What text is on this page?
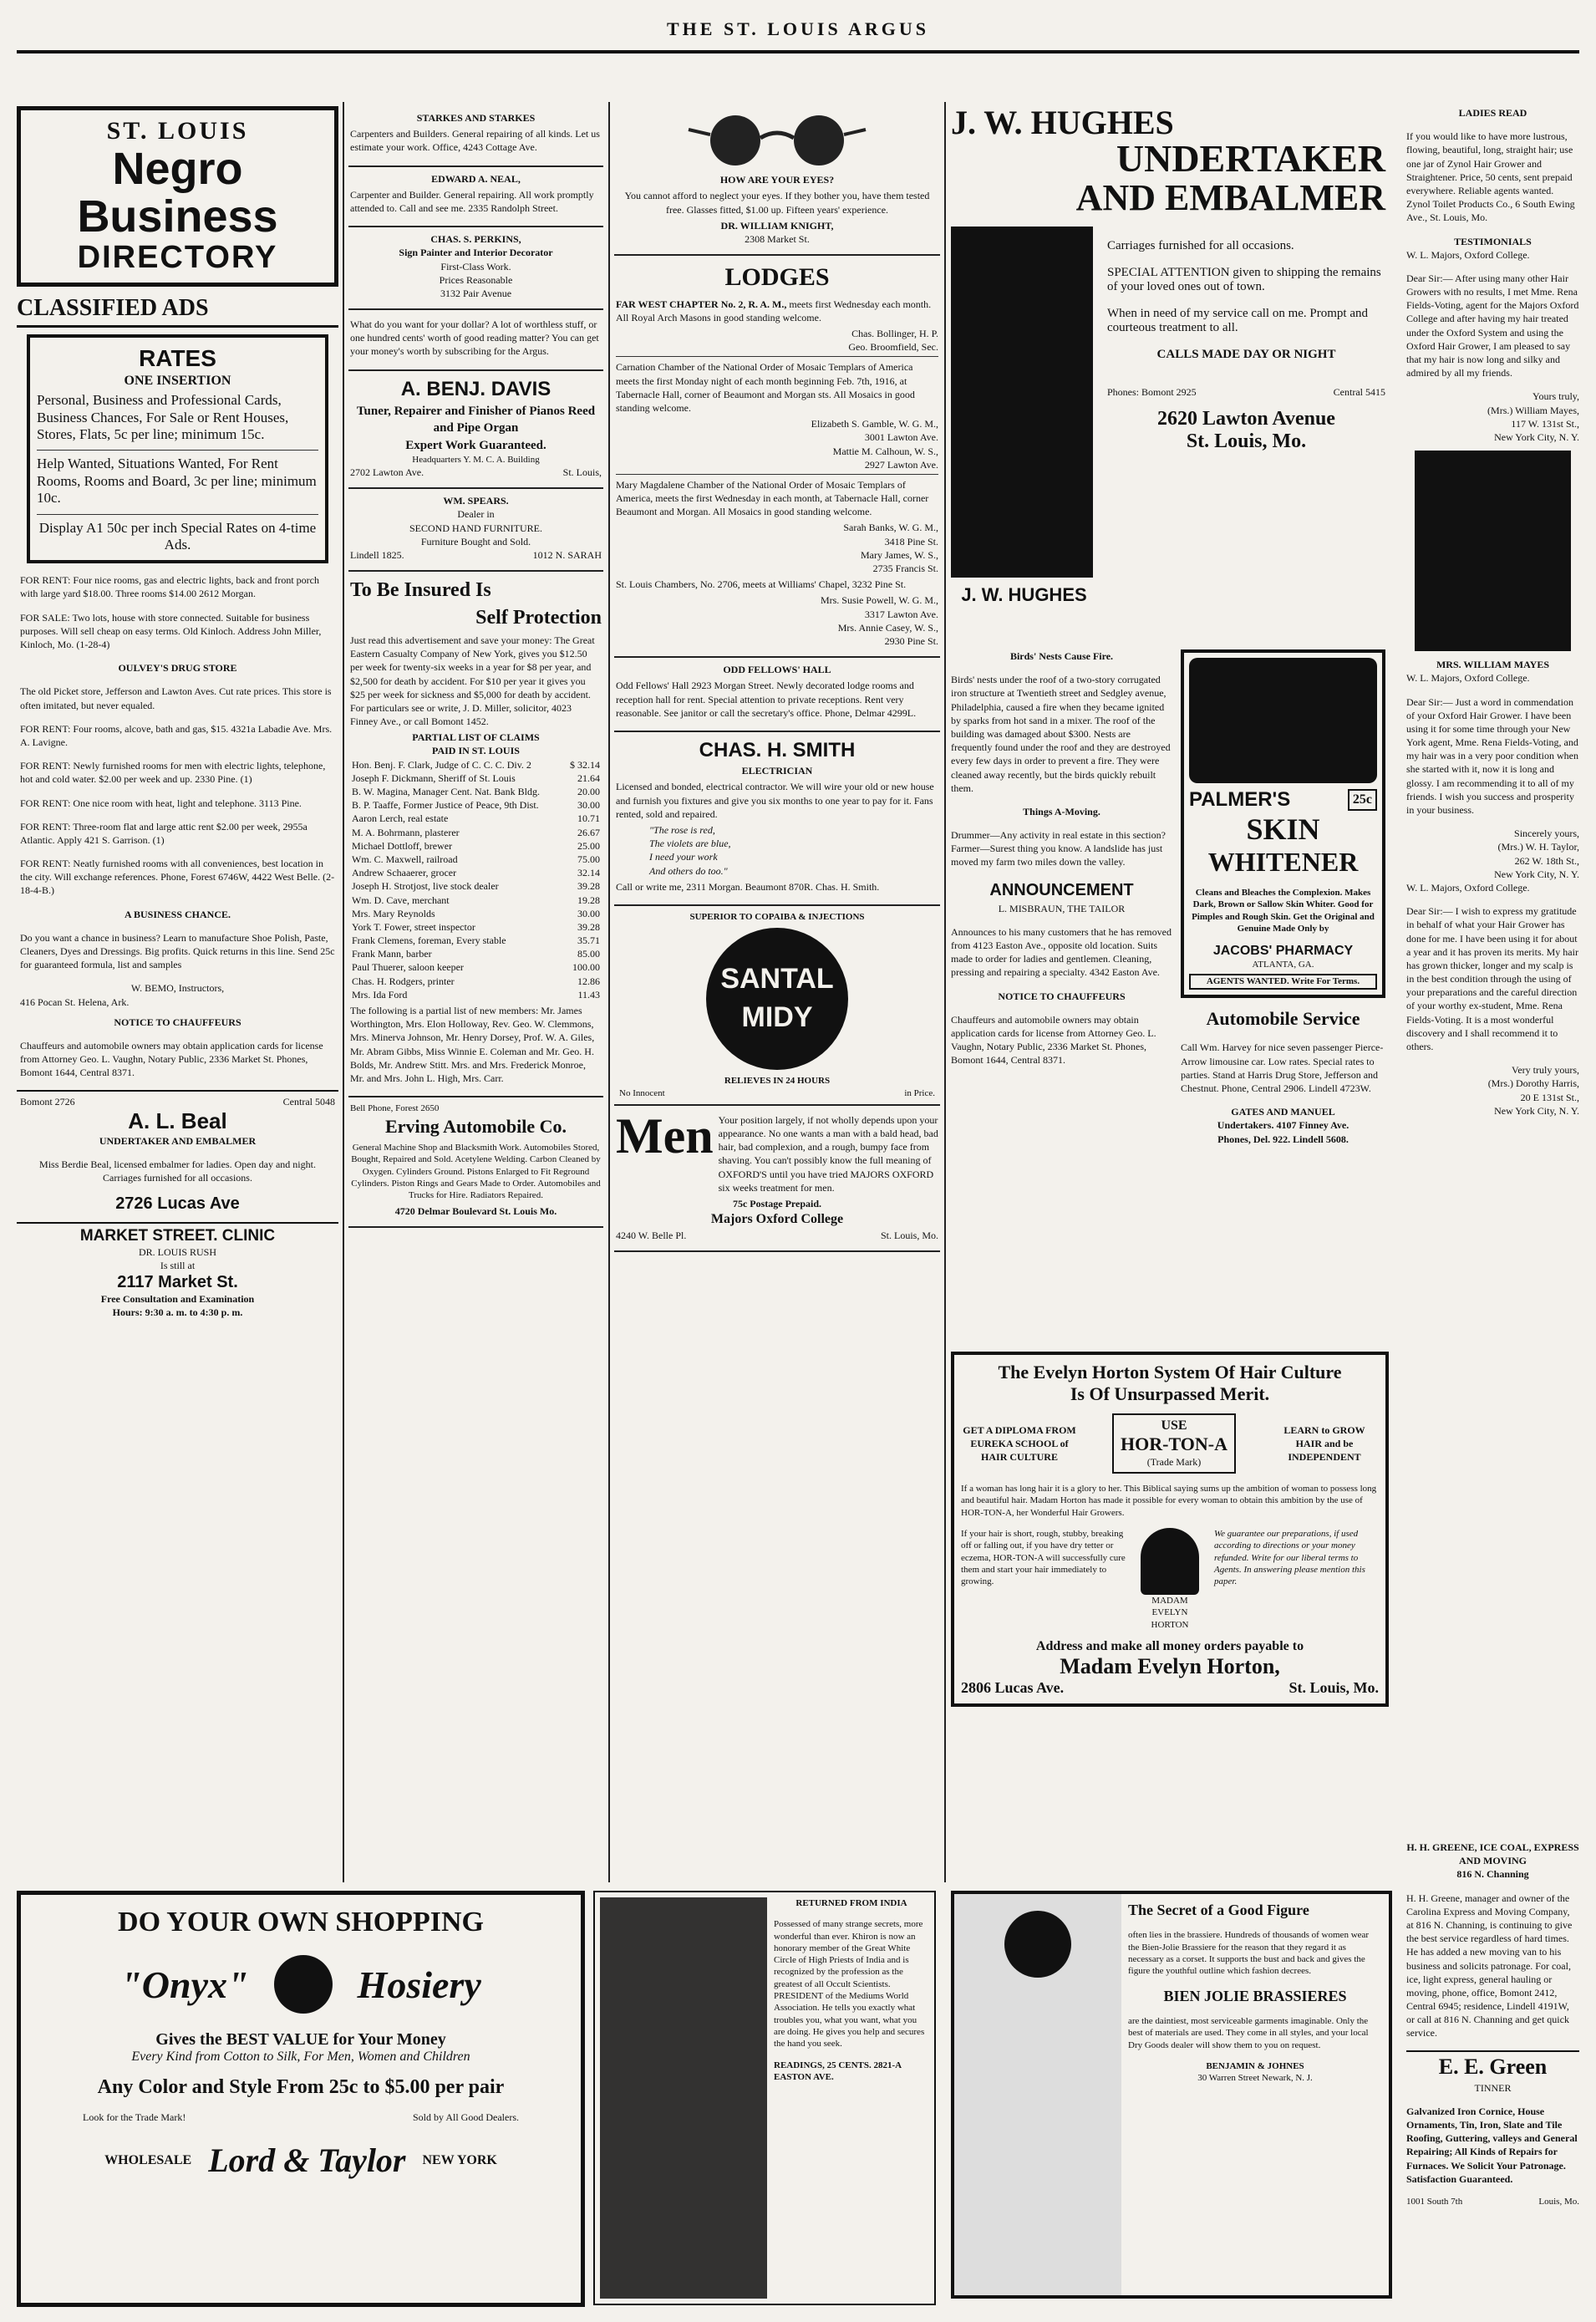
THE ST. LOUIS ARGUS
ST. LOUIS
Negro Business
DIRECTORY
CLASSIFIED ADS
RATES
ONE INSERTION

Personal, Business and Professional Cards, Business Chances, For Sale or Rent Houses, Stores, Flats, 5c per line; minimum 15c.

Help Wanted, Situations Wanted, For Rent Rooms, Rooms and Board, 3c per line; minimum 10c.

Display A1 50c per inch Special Rates on 4-time Ads.

FOR RENT: Four nice rooms, gas and electric lights, back and front porch with large yard $18.00. Three rooms $14.00 2612 Morgan.

FOR SALE: Two lots, house with store connected. Suitable for business purposes. Will sell cheap on easy terms. Old Kinloch. Address John Miller, Kinloch, Mo. (1-28-4)

OULVEY'S DRUG STORE

The old Picket store, Jefferson and Lawton Aves. Cut rate prices. This store is often imitated, but never equaled.

FOR RENT: Four rooms, alcove, bath and gas, $15. 4321a Labadie Ave. Mrs. A. Lavigne.

FOR RENT: Newly furnished rooms for men with electric lights, telephone, hot and cold water. $2.00 per week and up. 2330 Pine. (1)

FOR RENT: One nice room with heat, light and telephone. 3113 Pine.

FOR RENT: Three-room flat and large attic rent $2.00 per week, 2955a Atlantic. Apply 421 S. Garrison. (1)

FOR RENT: Neatly furnished rooms with all conveniences, best location in the city. Will exchange references. Phone, Forest 6746W, 4422 West Belle. (2-18-4-B.)

A BUSINESS CHANCE.

Do you want a chance in business? Learn to manufacture Shoe Polish, Paste, Cleaners, Dyes and Dressings. Big profits. Quick returns in this line. Send 25c for guaranteed formula, list and samples

W. BEMO, Instructors,
416 Pocan St. Helena, Ark.
NOTICE TO CHAUFFEURS

Chauffeurs and automobile owners may obtain application cards for license from Attorney Geo. L. Vaughn, Notary Public, 2336 Market St. Phones, Bomont 1644, Central 8371.

Bomont 2726	Central 5048
A. L. Beal
UNDERTAKER AND EMBALMER

Miss Berdie Beal, licensed embalmer for ladies. Open day and night. Carriages furnished for all occasions.

2726 Lucas Ave
MARKET STREET. CLINIC
DR. LOUIS RUSH
Is still at
2117 Market St.
Free Consultation and Examination
Hours: 9:30 a. m. to 4:30 p. m.
STARKES AND STARKES

Carpenters and Builders. General repairing of all kinds. Let us estimate your work. Office, 4243 Cottage Ave.

EDWARD A. NEAL,

Carpenter and Builder. General repairing. All work promptly attended to. Call and see me. 2335 Randolph Street.

CHAS. S. PERKINS,
Sign Painter and Interior Decorator
First-Class Work.
Prices Reasonable
3132 Pair Avenue

What do you want for your dollar? A lot of worthless stuff, or one hundred cents' worth of good reading matter? You can get your money's worth by subscribing for the Argus.

A. BENJ. DAVIS
Tuner, Repairer and Finisher of Pianos Reed and Pipe Organ
Expert Work Guaranteed.
Headquarters Y. M. C. A. Building
2702 Lawton Ave.	St. Louis,
WM. SPEARS.
Dealer in
SECOND HAND FURNITURE.
Furniture Bought and Sold.
Lindell 1825.	1012 N. SARAH
To Be Insured Is
Self Protection

Just read this advertisement and save your money: The Great Eastern Casualty Company of New York, gives you $12.50 per week for twenty-six weeks in a year for $8 per year, and $2,500 for death by accident. For $10 per year it gives you $25 per week for sickness and $5,000 for death by accident. For particulars see or write, J. D. Miller, solicitor, 4023 Finney Ave., or call Bomont 1452.

PARTIAL LIST OF CLAIMS
PAID IN ST. LOUIS
Hon. Benj. F. Clark, Judge of C. C. C. Div. 2	$ 32.14
Joseph F. Dickmann, Sheriff of St. Louis	21.64
B. W. Magina, Manager Cent. Nat. Bank Bldg.	20.00
B. P. Taaffe, Former Justice of Peace, 9th Dist.	30.00
Aaron Lerch, real estate	10.71
M. A. Bohrmann, plasterer	26.67
Michael Dottloff, brewer	25.00
Wm. C. Maxwell, railroad	75.00
Andrew Schaaerer, grocer	32.14
Joseph H. Strotjost, live stock dealer	39.28
Wm. D. Cave, merchant	19.28
Mrs. Mary Reynolds	30.00
York T. Fower, street inspector	39.28
Frank Clemens, foreman, Every stable	35.71
Frank Mann, barber	85.00
Paul Thuerer, saloon keeper	100.00
Chas. H. Rodgers, printer	12.86
Mrs. Ida Ford	11.43

The following is a partial list of new members: Mr. James Worthington, Mrs. Elon Holloway, Rev. Geo. W. Clemmons, Mrs. Minerva Johnson, Mr. Henry Dorsey, Prof. W. A. Giles, Mr. Abram Gibbs, Miss Winnie E. Coleman and Mr. Geo. H. Bolds, Mr. Andrew Stitt. Mrs. and Mrs. Frederick Monroe, Mr. and Mrs. John L. High, Mrs. Carr.

Bell Phone, Forest 2650
Erving Automobile Co.

General Machine Shop and Blacksmith Work. Automobiles Stored, Bought, Repaired and Sold. Acetylene Welding. Carbon Cleaned by Oxygen. Cylinders Ground. Pistons Enlarged to Fit Reground Cylinders. Piston Rings and Gears Made to Order. Automobiles and Trucks for Hire. Radiators Repaired.

4720 Delmar Boulevard St. Louis Mo.
HOW ARE YOUR EYES?

You cannot afford to neglect your eyes. If they bother you, have them tested free. Glasses fitted, $1.00 up. Fifteen years' experience.

DR. WILLIAM KNIGHT,
2308 Market St.
LODGES

FAR WEST CHAPTER No. 2, R. A. M., meets first Wednesday each month. All Royal Arch Masons in good standing welcome.

Chas. Bollinger, H. P.
Geo. Broomfield, Sec.

Carnation Chamber of the National Order of Mosaic Templars of America meets the first Monday night of each month beginning Feb. 7th, 1916, at Tabernacle Hall, corner of Beaumont and Morgan sts. All Mosaics in good standing welcome.

Elizabeth S. Gamble, W. G. M.,
3001 Lawton Ave.
Mattie M. Calhoun, W. S.,
2927 Lawton Ave.

Mary Magdalene Chamber of the National Order of Mosaic Templars of America, meets the first Wednesday in each month, at Tabernacle Hall, corner Beaumont and Morgan. All Mosaics in good standing welcome.

Sarah Banks, W. G. M.,
3418 Pine St.
Mary James, W. S.,
2735 Francis St.

St. Louis Chambers, No. 2706, meets at Williams' Chapel, 3232 Pine St.

Mrs. Susie Powell, W. G. M.,
3317 Lawton Ave.
Mrs. Annie Casey, W. S.,
2930 Pine St.
ODD FELLOWS' HALL

Odd Fellows' Hall 2923 Morgan Street. Newly decorated lodge rooms and reception hall for rent. Special attention to private receptions. Rent very reasonable. See janitor or call the secretary's office. Phone, Delmar 4299L.

CHAS. H. SMITH
ELECTRICIAN

Licensed and bonded, electrical contractor. We will wire your old or new house and furnish you fixtures and give you six months to one year to pay for it. Fans rented, sold and repaired.

"The rose is red,
The violets are blue,
I need your work
And others do too."

Call or write me, 2311 Morgan. Beaumont 870R. Chas. H. Smith.

SUPERIOR TO COPAIBA & INJECTIONS
SANTAL
MIDY
RELIEVES IN 24 HOURS
No Innocent	in Price.
Men Your position largely, if not wholly depends upon your appearance. No one wants a man with a bald head, bad hair, bad complexion, and a rough, bumpy face from shaving. You can't possibly know the full meaning of OXFORD'S until you have tried MAJORS OXFORD six weeks treatment for men.

75c Postage Prepaid.
Majors Oxford College
4240 W. Belle Pl.	St. Louis, Mo.
J. W. HUGHES
UNDERTAKER
AND EMBALMER
J. W. HUGHES

Carriages furnished for all occasions.

SPECIAL ATTENTION given to shipping the remains of your loved ones out of town.

When in need of my service call on me. Prompt and courteous treatment to all.

CALLS MADE DAY OR NIGHT
Phones: Bomont 2925	Central 5415
2620 Lawton Avenue
St. Louis, Mo.
Birds' Nests Cause Fire.

Birds' nests under the roof of a two-story corrugated iron structure at Twentieth street and Sedgley avenue, Philadelphia, caused a fire when they became ignited by sparks from hot sand in a mixer. The roof of the building was damaged about $300. Nests are frequently found under the roof and they are destroyed every few days in order to prevent a fire. They were cleaned away recently, but the birds quickly rebuilt them.

Things A-Moving.

Drummer—Any activity in real estate in this section? Farmer—Surest thing you know. A landslide has just moved my farm two miles down the valley.

ANNOUNCEMENT
L. MISBRAUN, THE TAILOR

Announces to his many customers that he has removed from 4123 Easton Ave., opposite old location. Suits made to order for ladies and gentlemen. Cleaning, pressing and repairing a specialty. 4342 Easton Ave.

NOTICE TO CHAUFFEURS

Chauffeurs and automobile owners may obtain application cards for license from Attorney Geo. L. Vaughn, Notary Public, 2336 Market St. Phones, Bomont 1644, Central 8371.

PALMER'S	25c
SKIN
WHITENER

Cleans and Bleaches the Complexion. Makes Dark, Brown or Sallow Skin Whiter. Good for Pimples and Rough Skin. Get the Original and Genuine Made Only by

JACOBS' PHARMACY
ATLANTA, GA.
AGENTS WANTED. Write For Terms.
Automobile Service

Call Wm. Harvey for nice seven passenger Pierce-Arrow limousine car. Low rates. Special rates to parties. Stand at Harris Drug Store, Jefferson and Chestnut. Phone, Central 2906. Lindell 4723W.

GATES AND MANUEL
Undertakers. 4107 Finney Ave.
Phones, Del. 922. Lindell 5608.
The Evelyn Horton System Of Hair Culture
Is Of Unsurpassed Merit.
GET A DIPLOMA FROM EUREKA SCHOOL of HAIR CULTURE
USE
HOR-TON-A
(Trade Mark)
LEARN to GROW HAIR and be INDEPENDENT

If a woman has long hair it is a glory to her. This Biblical saying sums up the ambition of woman to possess long and beautiful hair. Madam Horton has made it possible for every woman to obtain this ambition by the use of HOR-TON-A, her Wonderful Hair Growers.

If your hair is short, rough, stubby, breaking off or falling out, if you have dry tetter or eczema, HOR-TON-A will successfully cure them and start your hair immediately to growing.

MADAM
EVELYN HORTON

We guarantee our preparations, if used according to directions or your money refunded. Write for our liberal terms to Agents. In answering please mention this paper.

Address and make all money orders payable to
Madam Evelyn Horton,
2806 Lucas Ave.	St. Louis, Mo.
LADIES READ

If you would like to have more lustrous, flowing, beautiful, long, straight hair; use one jar of Zynol Hair Grower and Straightener. Price, 50 cents, sent prepaid everywhere. Reliable agents wanted. Zynol Toilet Products Co., 6 South Ewing Ave., St. Louis, Mo.

TESTIMONIALS
W. L. Majors, Oxford College.

Dear Sir:— After using many other Hair Growers with no results, I met Mme. Rena Fields-Voting, agent for the Majors Oxford College and after having my hair treated under the Oxford System and using the Oxford Hair Grower, I am pleased to say that my hair is now long and silky and admired by all my friends.

Yours truly,
(Mrs.) William Mayes,
117 W. 131st St.,
New York City, N. Y.
MRS. WILLIAM MAYES
W. L. Majors, Oxford College.

Dear Sir:— Just a word in commendation of your Oxford Hair Grower. I have been using it for some time through your New York agent, Mme. Rena Fields-Voting, and my hair was in a very poor condition when she started with it, now it is long and glossy. I am recommending it to all of my friends. I wish you success and prosperity in your business.

Sincerely yours,
(Mrs.) W. H. Taylor,
262 W. 18th St.,
New York City, N. Y.
W. L. Majors, Oxford College.

Dear Sir:— I wish to express my gratitude in behalf of what your Hair Grower has done for me. I have been using it for about a year and it has proven its merits. My hair has grown thicker, longer and my scalp is in the best condition through the using of your preparations and the careful direction of your worthy ex-student, Mme. Rena Fields-Voting. It is a most wonderful discovery and I shall recommend it to others.

Very truly yours,
(Mrs.) Dorothy Harris,
20 E 131st St.,
New York City, N. Y.
DO YOUR OWN SHOPPING
"Onyx"	Hosiery
Gives the BEST VALUE for Your Money
Every Kind from Cotton to Silk, For Men, Women and Children
Any Color and Style From 25c to $5.00 per pair
Look for the Trade Mark!	Sold by All Good Dealers.
WHOLESALE Lord & Taylor NEW YORK
RETURNED FROM INDIA

Possessed of many strange secrets, more wonderful than ever. Khiron is now an honorary member of the Great White Circle of High Priests of India and is recognized by the profession as the greatest of all Occult Scientists. PRESIDENT of the Mediums World Association. He tells you exactly what troubles you, what you want, what you are doing. He gives you help and secures the hand you seek.

READINGS, 25 CENTS. 2821-A EASTON AVE.
The Secret of a Good Figure

often lies in the brassiere. Hundreds of thousands of women wear the Bien-Jolie Brassiere for the reason that they regard it as necessary as a corset. It supports the bust and back and gives the figure the youthful outline which fashion decrees.

BIEN JOLIE BRASSIERES

are the daintiest, most serviceable garments imaginable. Only the best of materials are used. They come in all styles, and your local Dry Goods dealer will show them to you on request.

BENJAMIN & JOHNES
30 Warren Street Newark, N. J.
H. H. GREENE, ICE COAL, EXPRESS AND MOVING
816 N. Channing

H. H. Greene, manager and owner of the Carolina Express and Moving Company, at 816 N. Channing, is continuing to give the best service regardless of hard times. He has added a new moving van to his business and solicits patronage. For coal, ice, light express, general hauling or moving, phone, office, Bomont 2412, Central 6945; residence, Lindell 4191W, or call at 816 N. Channing and get quick service.

E. E. Green
TINNER

Galvanized Iron Cornice, House Ornaments, Tin, Iron, Slate and Tile Roofing, Guttering, valleys and General Repairing; All Kinds of Repairs for Furnaces. We Solicit Your Patronage. Satisfaction Guaranteed.

1001 South 7th	Louis, Mo.
